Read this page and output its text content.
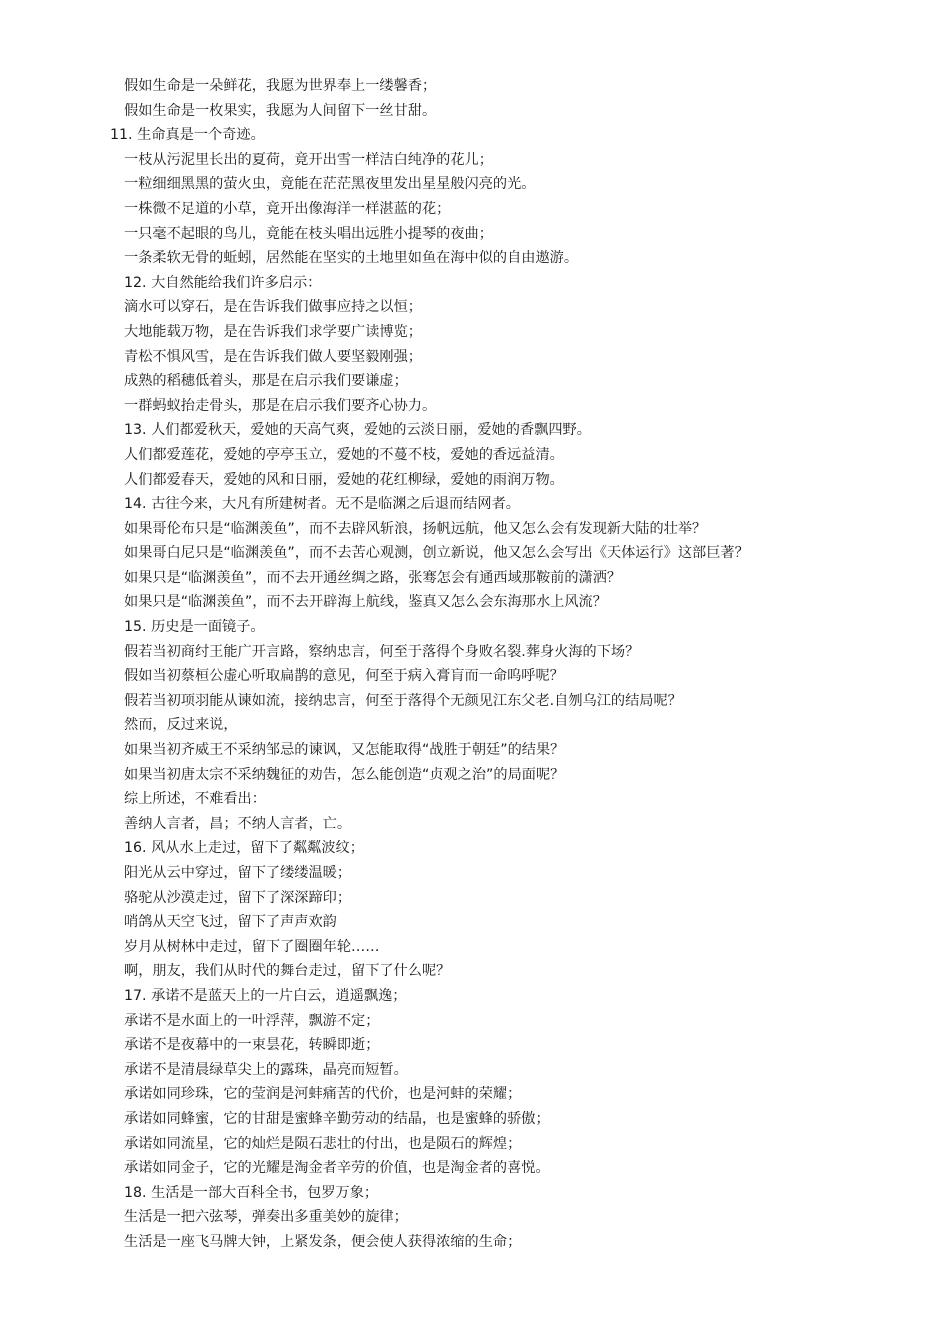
假如生命是一朵鲜花，我愿为世界奉上一缕馨香；
假如生命是一枚果实，我愿为人间留下一丝甘甜。
11. 生命真是一个奇迹。
一枝从污泥里长出的夏荷，竟开出雪一样洁白纯净的花儿；
一粒细细黑黑的萤火虫，竟能在茫茫黑夜里发出星星般闪亮的光。
一株微不足道的小草，竟开出像海洋一样湛蓝的花；
一只毫不起眼的鸟儿，竟能在枝头唱出远胜小提琴的夜曲；
一条柔软无骨的蚯蚓，居然能在坚实的土地里如鱼在海中似的自由遨游。
12. 大自然能给我们许多启示：
滴水可以穿石，是在告诉我们做事应持之以恒；
大地能载万物，是在告诉我们求学要广读博览；
青松不惧风雪，是在告诉我们做人要坚毅刚强；
成熟的稻穗低着头，那是在启示我们要谦虚；
一群蚂蚁抬走骨头，那是在启示我们要齐心协力。
13. 人们都爱秋天，爱她的天高气爽，爱她的云淡日丽，爱她的香飘四野。
人们都爱莲花，爱她的亭亭玉立，爱她的不蔓不枝，爱她的香远益清。
人们都爱春天，爱她的风和日丽，爱她的花红柳绿，爱她的雨润万物。
14. 古往今来，大凡有所建树者。无不是临渊之后退而结网者。
如果哥伦布只是“临渊羡鱼”，而不去辟风斩浪，扬帆远航，他又怎么会有发现新大陆的壮举？
如果哥白尼只是“临渊羡鱼”，而不去苦心观测，创立新说，他又怎么会写出《天体运行》这部巨著？
如果只是“临渊羡鱼”，而不去开通丝绸之路，张骞怎会有通西域那鞍前的潇洒？
如果只是“临渊羡鱼”，而不去开辟海上航线，鉴真又怎么会东海那水上风流？
15. 历史是一面镜子。
假若当初商纣王能广开言路，察纳忠言，何至于落得个身败名裂.葬身火海的下场？
假如当初蔡桓公虚心听取扁鹊的意见，何至于病入膏肓而一命呜呼呢？
假若当初项羽能从谏如流，接纳忠言，何至于落得个无颜见江东父老.自刎乌江的结局呢？
然而，反过来说，
如果当初齐威王不采纳邹忌的谏讽，又怎能取得“战胜于朝廷”的结果？
如果当初唐太宗不采纳魏征的劝告，怎么能创造“贞观之治”的局面呢？
综上所述，不难看出：
善纳人言者，昌；不纳人言者，亡。
16. 风从水上走过，留下了粼粼波纹；
阳光从云中穿过，留下了缕缕温暖；
骆驼从沙漠走过，留下了深深蹄印；
哨鸽从天空飞过，留下了声声欢韵
岁月从树林中走过，留下了圈圈年轮……
啊，朋友，我们从时代的舞台走过，留下了什么呢？
17. 承诺不是蓝天上的一片白云，逍遥飘逸；
承诺不是水面上的一叶浮萍，飘游不定；
承诺不是夜幕中的一束昙花，转瞬即逝；
承诺不是清晨绿草尖上的露珠，晶亮而短暂。
承诺如同珍珠，它的莹润是河蚌痛苦的代价，也是河蚌的荣耀；
承诺如同蜂蜜，它的甘甜是蜜蜂辛勤劳动的结晶，也是蜜蜂的骄傲；
承诺如同流星，它的灿烂是陨石悲壮的付出，也是陨石的辉煌；
承诺如同金子，它的光耀是淘金者辛劳的价值，也是淘金者的喜悦。
18. 生活是一部大百科全书，包罗万象；
生活是一把六弦琴，弹奏出多重美妙的旋律；
生活是一座飞马牌大钟，上紧发条，便会使人获得浓缩的生命；
